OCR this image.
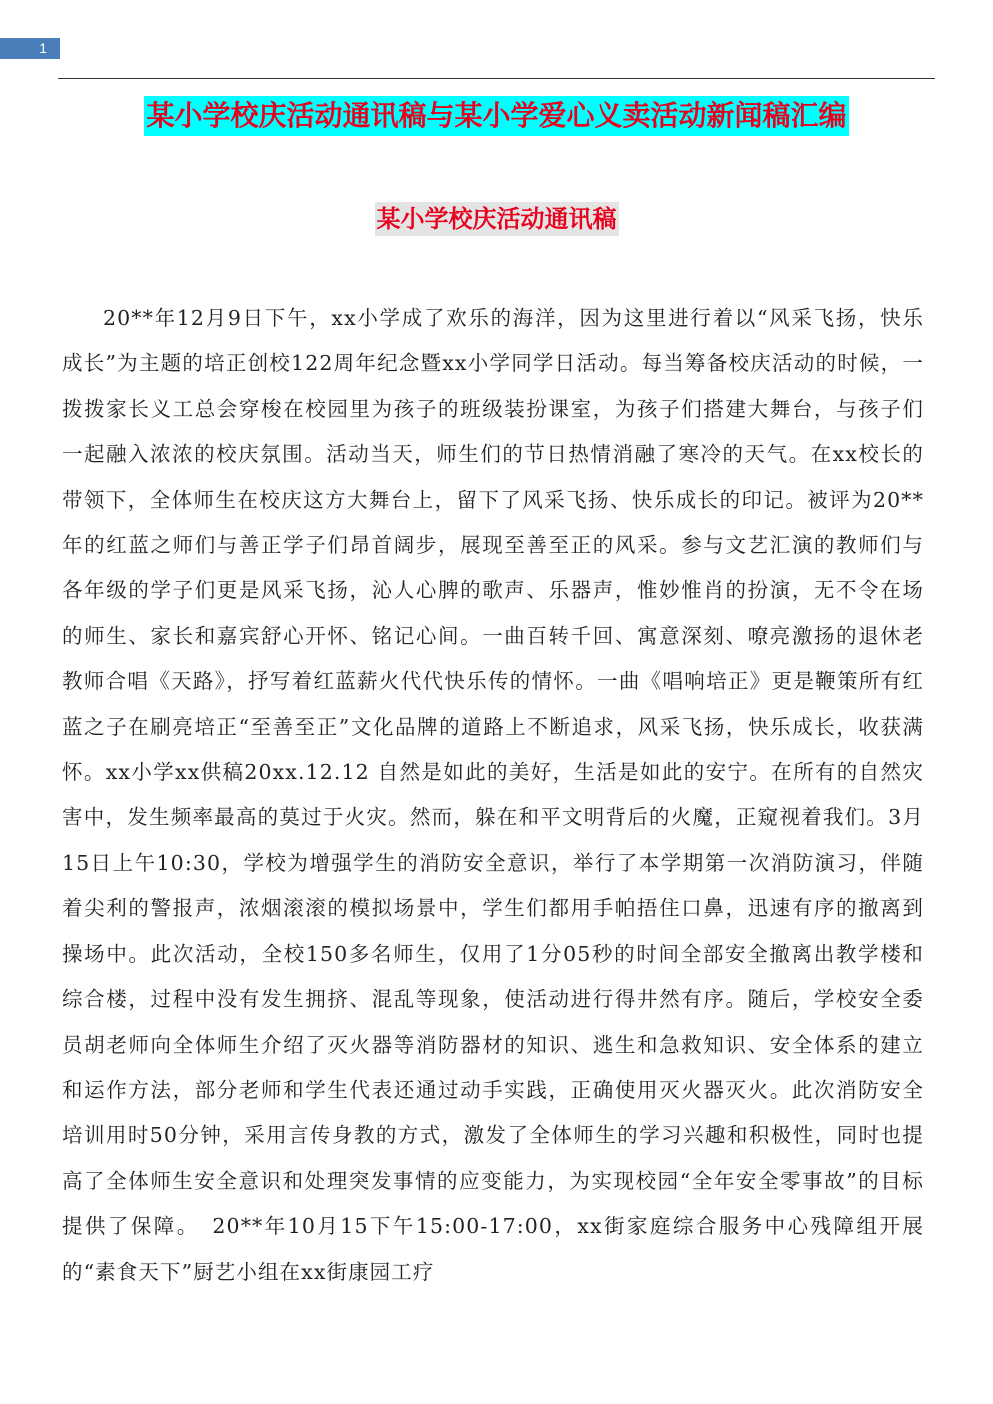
1
某小学校庆活动通讯稿与某小学爱心义卖活动新闻稿汇编
某小学校庆活动通讯稿

20**年12月9日下午，xx小学成了欢乐的海洋，因为这里进行着以“风采飞扬，快乐成长”为主题的培正创校122周年纪念暨xx小学同学日活动。每当筹备校庆活动的时候，一拨拨家长义工总会穿梭在校园里为孩子的班级装扮课室，为孩子们搭建大舞台，与孩子们一起融入浓浓的校庆氛围。活动当天，师生们的节日热情消融了寒冷的天气。在xx校长的带领下，全体师生在校庆这方大舞台上，留下了风采飞扬、快乐成长的印记。被评为20**年的红蓝之师们与善正学子们昂首阔步，展现至善至正的风采。参与文艺汇演的教师们与各年级的学子们更是风采飞扬，沁人心脾的歌声、乐器声，惟妙惟肖的扮演，无不令在场的师生、家长和嘉宾舒心开怀、铭记心间。一曲百转千回、寓意深刻、嘹亮激扬的退休老教师合唱《天路》，抒写着红蓝薪火代代快乐传的情怀。一曲《唱响培正》更是鞭策所有红蓝之子在刷亮培正“至善至正”文化品牌的道路上不断追求，风采飞扬，快乐成长，收获满怀。xx小学xx供稿20xx.12.12 自然是如此的美好，生活是如此的安宁。在所有的自然灾害中，发生频率最高的莫过于火灾。然而，躲在和平文明背后的火魔，正窥视着我们。3月15日上午10:30，学校为增强学生的消防安全意识，举行了本学期第一次消防演习，伴随着尖利的警报声，浓烟滚滚的模拟场景中，学生们都用手帕捂住口鼻，迅速有序的撤离到操场中。此次活动，全校150多名师生，仅用了1分05秒的时间全部安全撤离出教学楼和综合楼，过程中没有发生拥挤、混乱等现象，使活动进行得井然有序。随后，学校安全委员胡老师向全体师生介绍了灭火器等消防器材的知识、逃生和急救知识、安全体系的建立和运作方法，部分老师和学生代表还通过动手实践，正确使用灭火器灭火。此次消防安全培训用时50分钟，采用言传身教的方式，激发了全体师生的学习兴趣和积极性，同时也提高了全体师生安全意识和处理突发事情的应变能力，为实现校园“全年安全零事故”的目标提供了保障。　20**年10月15下午15:00-17:00，xx街家庭综合服务中心残障组开展的“素食天下”厨艺小组在xx街康园工疗
